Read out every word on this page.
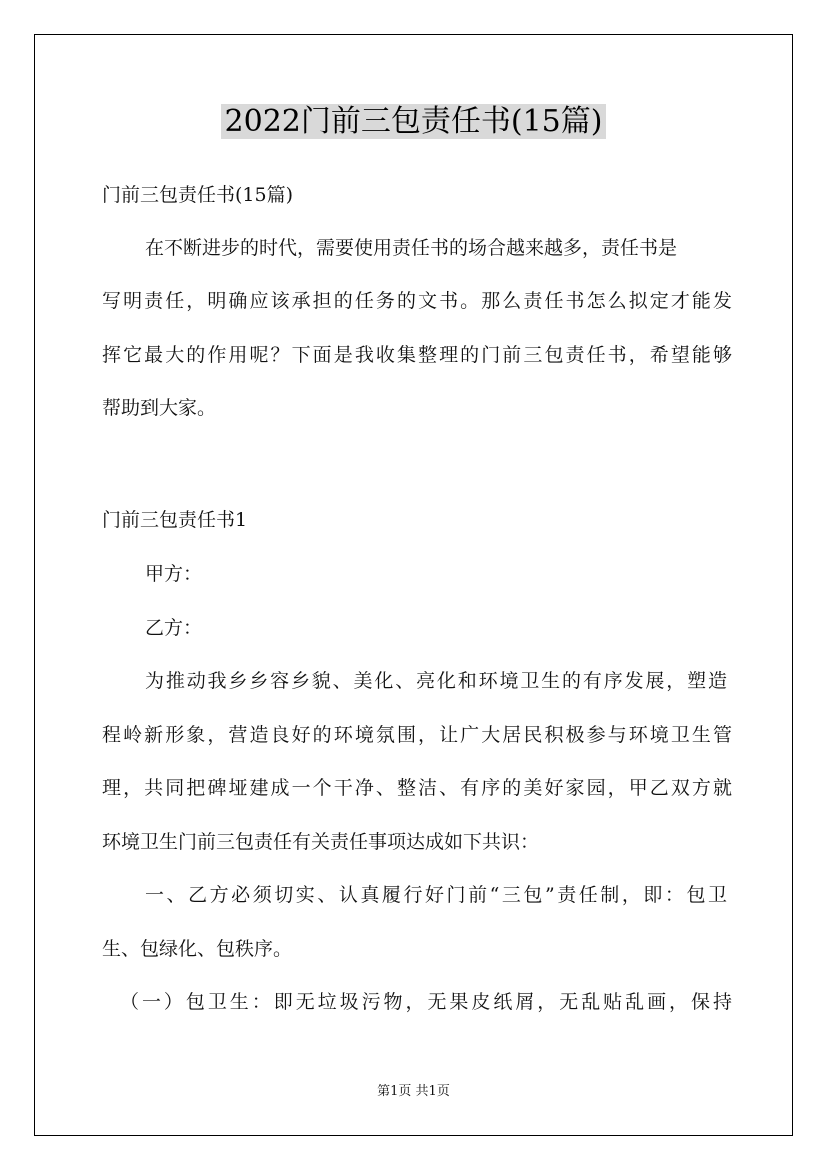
2022门前三包责任书(15篇)
门前三包责任书(15篇)
在不断进步的时代，需要使用责任书的场合越来越多，责任书是
写明责任，明确应该承担的任务的文书。那么责任书怎么拟定才能发
挥它最大的作用呢？下面是我收集整理的门前三包责任书，希望能够
帮助到大家。
门前三包责任书1
甲方：
乙方：
为推动我乡乡容乡貌、美化、亮化和环境卫生的有序发展，塑造
程岭新形象，营造良好的环境氛围，让广大居民积极参与环境卫生管
理，共同把碑垭建成一个干净、整洁、有序的美好家园，甲乙双方就
环境卫生门前三包责任有关责任事项达成如下共识：
一、乙方必须切实、认真履行好门前“三包”责任制，即：包卫
生、包绿化、包秩序。
（一）包卫生：即无垃圾污物，无果皮纸屑，无乱贴乱画，保持
第1页 共1页
